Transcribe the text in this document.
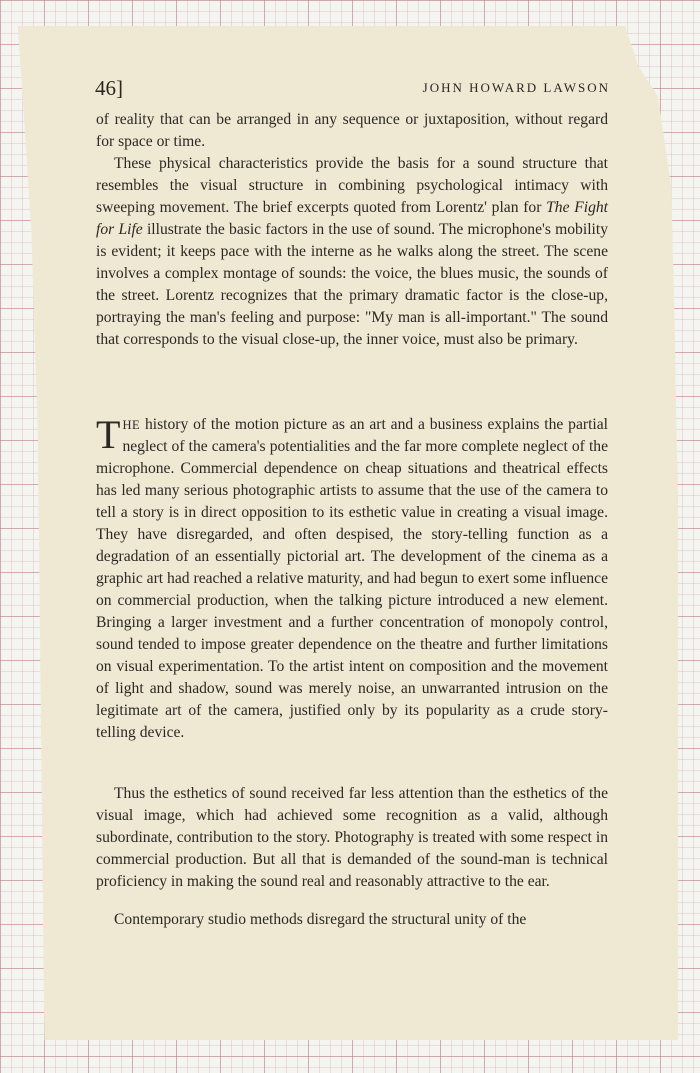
46]	JOHN HOWARD LAWSON

of reality that can be arranged in any sequence or juxtaposition, without regard for space or time.

These physical characteristics provide the basis for a sound structure that resembles the visual structure in combining psychological intimacy with sweeping movement. The brief excerpts quoted from Lorentz' plan for The Fight for Life illustrate the basic factors in the use of sound. The microphone's mobility is evident; it keeps pace with the interne as he walks along the street. The scene involves a complex montage of sounds: the voice, the blues music, the sounds of the street. Lorentz recognizes that the primary dramatic factor is the close-up, portraying the man's feeling and purpose: "My man is all-important." The sound that corresponds to the visual close-up, the inner voice, must also be primary.

THE history of the motion picture as an art and a business explains the partial neglect of the camera's potentialities and the far more complete neglect of the microphone. Commercial dependence on cheap situations and theatrical effects has led many serious photographic artists to assume that the use of the camera to tell a story is in direct opposition to its esthetic value in creating a visual image. They have disregarded, and often despised, the story-telling function as a degradation of an essentially pictorial art. The development of the cinema as a graphic art had reached a relative maturity, and had begun to exert some influence on commercial production, when the talking picture introduced a new element. Bringing a larger investment and a further concentration of monopoly control, sound tended to impose greater dependence on the theatre and further limitations on visual experimentation. To the artist intent on composition and the movement of light and shadow, sound was merely noise, an unwarranted intrusion on the legitimate art of the camera, justified only by its popularity as a crude story-telling device.

Thus the esthetics of sound received far less attention than the esthetics of the visual image, which had achieved some recognition as a valid, although subordinate, contribution to the story. Photography is treated with some respect in commercial production. But all that is demanded of the sound-man is technical proficiency in making the sound real and reasonably attractive to the ear.

Contemporary studio methods disregard the structural unity of the
